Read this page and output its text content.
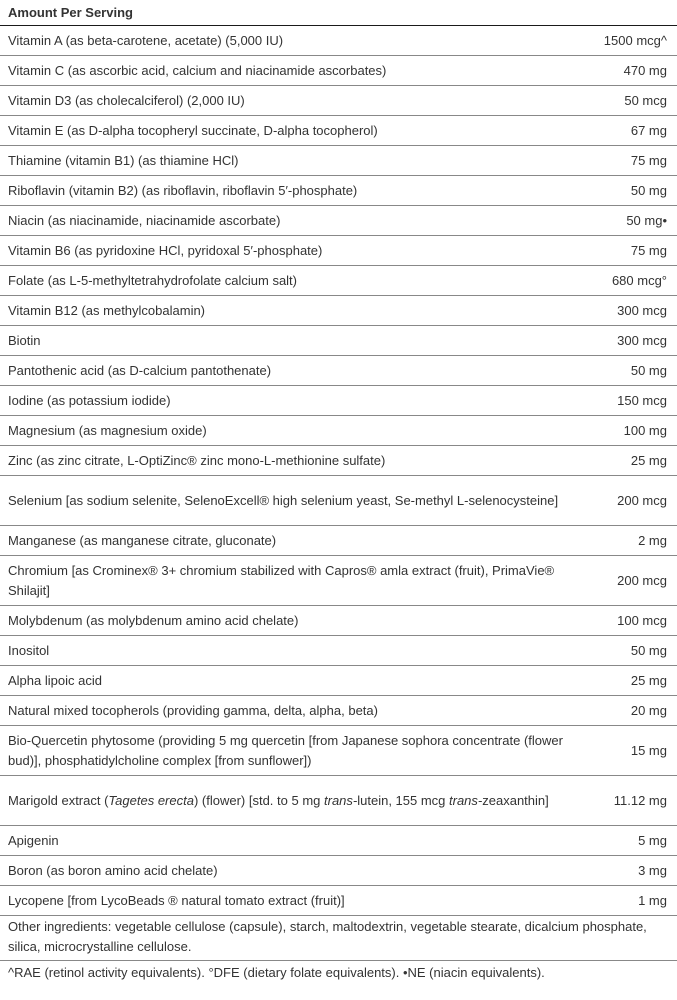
Amount Per Serving
Vitamin A (as beta-carotene, acetate) (5,000 IU)	1500 mcg^
Vitamin C (as ascorbic acid, calcium and niacinamide ascorbates)	470 mg
Vitamin D3 (as cholecalciferol) (2,000 IU)	50 mcg
Vitamin E (as D-alpha tocopheryl succinate, D-alpha tocopherol)	67 mg
Thiamine (vitamin B1) (as thiamine HCl)	75 mg
Riboflavin (vitamin B2) (as riboflavin, riboflavin 5′-phosphate)	50 mg
Niacin (as niacinamide, niacinamide ascorbate)	50 mg•
Vitamin B6 (as pyridoxine HCl, pyridoxal 5′-phosphate)	75 mg
Folate (as L-5-methyltetrahydrofolate calcium salt)	680 mcg°
Vitamin B12 (as methylcobalamin)	300 mcg
Biotin	300 mcg
Pantothenic acid (as D-calcium pantothenate)	50 mg
Iodine (as potassium iodide)	150 mcg
Magnesium (as magnesium oxide)	100 mg
Zinc (as zinc citrate, L-OptiZinc® zinc mono-L-methionine sulfate)	25 mg
Selenium [as sodium selenite, SelenoExcell® high selenium yeast, Se-methyl L-selenocysteine]	200 mcg
Manganese (as manganese citrate, gluconate)	2 mg
Chromium [as Crominex® 3+ chromium stabilized with Capros® amla extract (fruit), PrimaVie® Shilajit]	200 mcg
Molybdenum (as molybdenum amino acid chelate)	100 mcg
Inositol	50 mg
Alpha lipoic acid	25 mg
Natural mixed tocopherols (providing gamma, delta, alpha, beta)	20 mg
Bio-Quercetin phytosome (providing 5 mg quercetin [from Japanese sophora concentrate (flower bud)], phosphatidylcholine complex [from sunflower])	15 mg
Marigold extract (Tagetes erecta) (flower) [std. to 5 mg trans-lutein, 155 mcg trans-zeaxanthin]	11.12 mg
Apigenin	5 mg
Boron (as boron amino acid chelate)	3 mg
Lycopene [from LycoBeads ® natural tomato extract (fruit)]	1 mg
Other ingredients: vegetable cellulose (capsule), starch, maltodextrin, vegetable stearate, dicalcium phosphate, silica, microcrystalline cellulose.
^RAE (retinol activity equivalents). °DFE (dietary folate equivalents). •NE (niacin equivalents).
